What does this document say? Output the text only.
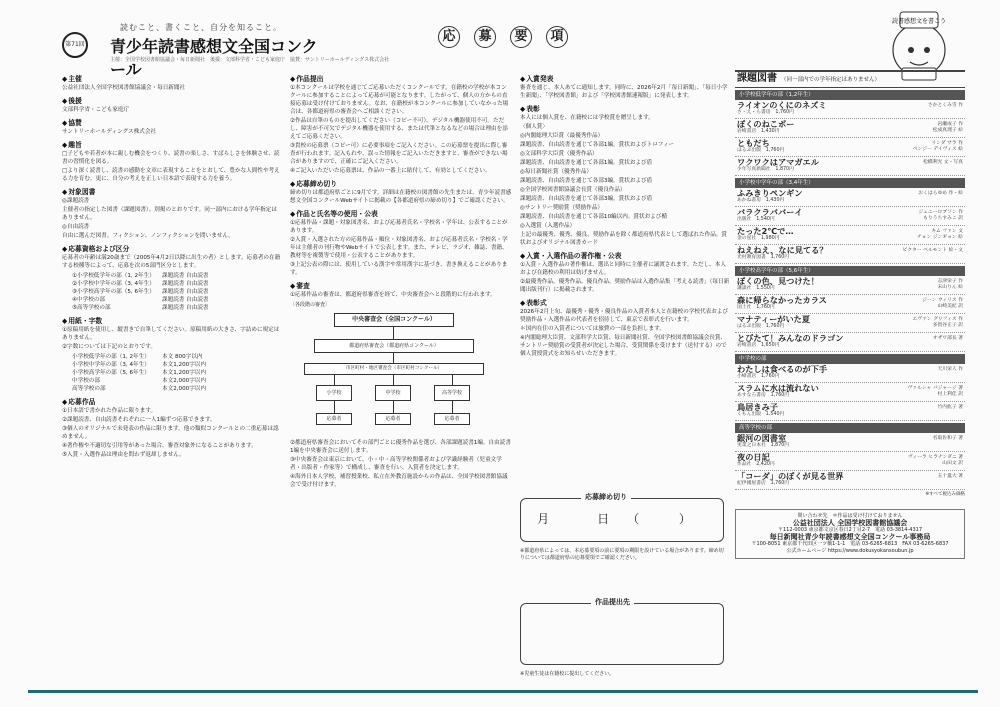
読むこと、書くこと、自分を知ること。
第71回 青少年読書感想文全国コンクール
主催：全国学校図書館協議会・毎日新聞社　後援：文部科学省・こども家庭庁　協賛：サントリーホールディングス株式会社
応	募	要	項
読書感想文を書こう
◆ 主催

公益社団法人全国学校図書館協議会・毎日新聞社

◆ 後援

文部科学省・こども家庭庁

◆ 協賛

サントリーホールディングス株式会社

◆ 趣旨

□子どもや若者が本に親しむ機会をつくり、読書の楽しさ、すばらしさを体験させ、読書の習慣化を図る。

□より深く読書し、読書の感動を文章に表現することをとおして、豊かな人間性や考える力を育む。更に、自分の考えを正しい日本語で表現する力を養う。

◆ 対象図書

◎課題読書

主催者の指定した図書（課題図書）。別掲のとおりです。同一部内における学年指定はありません。

◎自由読書

自由に選んだ図書。フィクション、ノンフィクションを問いません。

◆ 応募資格および区分

応募者の年齢は満20歳まで（2005年4月2日以降に出生の者）とします。応募者の在籍する校種等によって、応募を次の5部門区分とします。

①小学校低学年の部（1, 2年生）	課題読書 自由読書
②小学校中学年の部（3, 4年生）	課題読書 自由読書
③小学校高学年の部（5, 6年生）	課題読書 自由読書
④中学校の部	課題読書 自由読書
⑤高等学校の部	課題読書 自由読書
◆ 用紙・字数

①原稿用紙を使用し、縦書きで自筆してください。原稿用紙の大きさ、字詰めに規定はありません。

②字数については下記のとおりです。

小学校低学年の部（1, 2年生）	本文 800字以内
小学校中学年の部（3, 4年生）	本文1,200字以内
小学校高学年の部（5, 6年生）	本文1,200字以内
中学校の部	本文2,000字以内
高等学校の部	本文2,000字以内
◆ 応募作品

①日本語で書かれた作品に限ります。

②課題読書、自由読書それぞれに一人1編ずつ応募できます。

③個人のオリジナルで未発表の作品に限ります。他の類似コンクールとの二重応募は認めません。

④著作権や不適切な引用等があった場合、審査対象外になることがあります。

⑤入賞・入選作品は理由を問わず返却しません。

◆ 作品提出

①本コンクールは学校を通じてご応募いただくコンクールです。在籍校の学校が本コンクールに参加することによって応募が可能となります。したがって、個人の方からの直接応募は受け付けておりません。なお、在籍校が本コンクールに参加していなかった場合は、各都道府県の審査会へご相談ください。

②作品は自筆のものを提出してください（コピー不可）。デジタル機器使用不可。ただし、障害が不可欠でデジタル機器を使用する、または代筆となるなどの場合は理由を添えてご応募ください。

③貴校の応募票（コピー可）に必要事項をご記入ください。この応募票を提出に際し審査が行われます。記入もれや、誤った情報をご記入いただきますと、審査ができない場合がありますので、正確にご記入ください。

④ご記入いただいた応募票は、作品の一番上に貼付して、有効としてください。

◆ 応募締め切り

締め切りは都道府県ごとに9月です。詳細は在籍校の図書館の先生または、青少年読書感想文全国コンクールWebサイトに掲載の【各都道府県の締め切り】でご確認ください。

◆ 作品と氏名等の使用・公表

①応募作品・課題・対象図書名、および応募者氏名・学校名・学年は、公表することがあります。

②入賞・入選された方の応募作品・順位・対象図書名、および応募者氏名・学校名・学年は主催者の刊行物やWebサイトで公表します。また、テレビ、ラジオ、雑誌、書籍、教材等を複製等で使用・公表することがあります。

③上記公表の際には、使用している漢字や常用漢字に基づき、書き換えることがあります。

◆ 審査

①応募作品の審査は、都道府県審査を経て、中央審査会へと段階的に行われます。

〔各段階の審査〕
中央審査会（全国コンクール）
都道府県審査会（都道府県コンクール）
市区町村・地区審査会（市区町村コンクール）
小学校	中学校	高等学校
応募者	応募者	応募者

②都道府県審査会においてその部門ごとに優秀作品を選び、各部課題読書1編、自由読書1編を中央審査会に送付します。

③中央審査会は東京において、小・中・高等学校関係者および学識経験者（児童文学者・出版者・作家等）で構成し、審査を行い、入賞者を決定します。

④海外日本人学校、補習授業校、私立在外教育施設からの作品は、全国学校図書館協議会で受け付けます。

◆ 入賞発表

審査を通じ、本人あてに通知します。同時に、2026年2月「毎日新聞」、「毎日小学生新聞」、「学校図書館」および「学校図書館速報版」に発表します。

◆ 表彰

本人には個人賞を、在籍校には学校賞を贈呈します。

〈個人賞〉

◎内閣総理大臣賞（最優秀作品）

課題読書、自由読書を通じて各部1編。賞状およびトロフィー

◎文部科学大臣賞（優秀作品）

課題読書、自由読書を通じて各部1編。賞状および盾

◎毎日新聞社賞（優秀作品）

課題読書、自由読書を通じて各部3編。賞状および盾

◎全国学校図書館協議会長賞（優良作品）

課題読書、自由読書を通じて各部3編。賞状および盾

◎サントリー奨励賞（奨励作品）

課題読書、自由読書を通じて各部10編以内。賞状および楯

◎入選賞（入選作品）

上記の最優秀、優秀、優良、奨励作品を除く都道府県代表として選ばれた作品。賞状およびオリジナル図書カード

◆ 入賞・入選作品の著作権・公表

①入賞・入選作品の著作権は、選出と同時に主催者に譲渡されます。ただし、本人および在籍校の利用は妨げません。

②最優秀作品、優秀作品、優良作品、奨励作品は入選作品集「考える読書」（毎日新聞出版刊行）に掲載されます。

◆ 表彰式

2026年2月上旬、最優秀・優秀・優良作品の入賞者本人と在籍校の学校代表および奨励作品・入選作品の代表者を招待して、東京で表彰式を行います。

＊国内在住の入賞者については旅費の一部を負担します。

※内閣総理大臣賞、文部科学大臣賞、毎日新聞社賞、全国学校図書館協議会長賞、サントリー奨励賞の受賞者が決定した場合、受賞関係を受けます（送付する）ので個人賞授賞式をお知らせいただきます。

応募締め切り
月　日（ ）
※都道府県によっては、本応募要項の前に要項の期限を設けている場合があります。締め切りについては都道府県の応募要項でご確認ください。
作品提出先
※児童生徒は在籍校に提出してください。
課題図書 （同一部内での学年指定はありません）
小学校低学年の部（1,2年生）
ライオンのくにのネズミ	さかとくみ雪 作
さ・え・ら書房　1,760円
ぼくのねこポー	岩瀬成子 作
松成真理子 絵
岩崎書店　1,430円
ともだち	リンダ サラ 作
ベンジー デイヴィス 絵
ほるぷ出版　1,760円
ワクワクはアマガエル	松橋利光 文・写真
少年写真新聞社　1,870円
小学校中学年の部（3,4年生）
ふみきりペンギン	おくはらゆめ 作・絵
あかね書房　1,430円
バラクラババーイ	ジェニーロブソン 作
もりうちすみこ 訳
出版社　1,540円
たった2℃で…	キム ファン 文
チョン ジンギョン 絵
金の星社　1,980円
ねえねえ、なに見てる？	ビクター ベルモント 絵・文
光村教育図書　1,760円
小学校高学年の部（5,6年生）
ぼくの色、見つけた！	志津栄子 作
末山りん 絵
講談社　1,550円
森に帰らなかったカラス	ジーン ウィリス 作
山崎美紀 訳
国土社　1,760円
マナティーがいた夏	エヴァン グリフィス 作
多賀谷正子 訳
ほるぷ出版　1,760円
とびたて！みんなのドラゴン	オザワ部長 著
岩崎書店　1,650円
中学校の部
わたしは食べるのが下手	天川栄人 作
小峰書店　1,760円
スラムに水は流れない	ヴァルシャ バジャージ 著
村上利佳 訳
あすなろ書房　1,760円
鳥居きみ子	竹内紘子 著
くもん出版　1,540円
高等学校の部
銀河の図書室	名取佐和子 著
実業之日本社　1,870円
夜の日記	ヴィーラ ヒラナンダニ 著
山田文 訳
作品社　2,420円
「コーダ」のぼくが見る世界	五十嵐大 著
紀伊國屋書店　1,760円
※すべて税込み価格
問い合わせ先　＊作品は受け付けておりません
公益社団法人 全国学校図書館協議会
〒112-0003 東京都文京区春日2丁目2-7　電話 03-3814-4317
毎日新聞社青少年読書感想文全国コンクール事務局
〒100-8051 東京都千代田区一ツ橋1-1-1　電話 03-6265-6813　FAX 03-6265-6837
公式ホームページ https://www.dokusyokansoubun.jp
